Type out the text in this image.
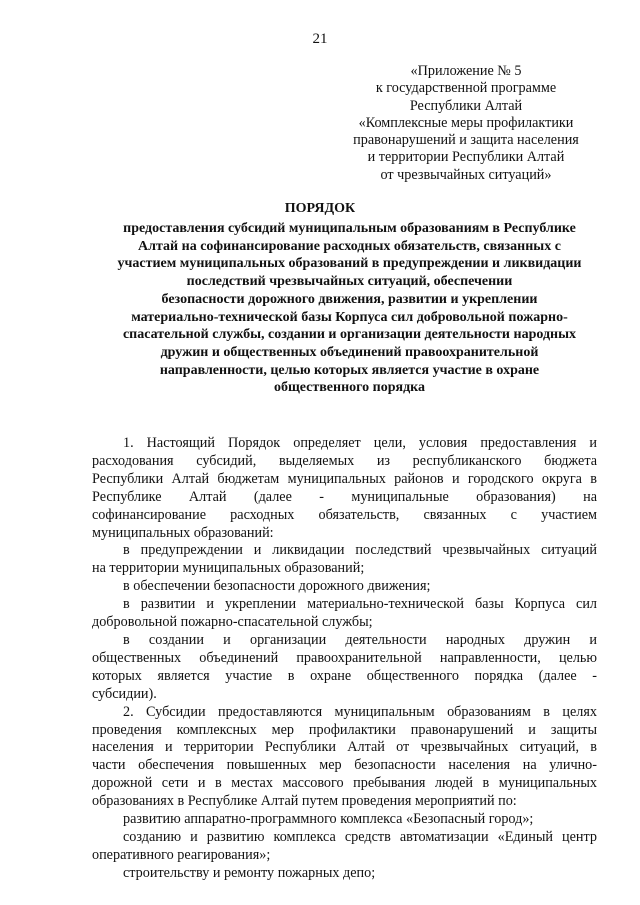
21
«Приложение № 5
к государственной программе
Республики Алтай
«Комплексные меры профилактики
правонарушений и защита населения
и территории Республики Алтай
от чрезвычайных ситуаций»
ПОРЯДОК
предоставления субсидий муниципальным образованиям в Республике
Алтай на софинансирование расходных обязательств, связанных с
участием муниципальных образований в предупреждении и ликвидации
последствий чрезвычайных ситуаций, обеспечении
безопасности дорожного движения, развитии и укреплении
материально-технической базы Корпуса сил добровольной пожарно-
спасательной службы, создании и организации деятельности народных
дружин и общественных объединений правоохранительной
направленности, целью которых является участие в охране
общественного порядка
1. Настоящий Порядок определяет цели, условия предоставления и
расходования субсидий, выделяемых из республиканского бюджета
Республики Алтай бюджетам муниципальных районов и городского округа в
Республике Алтай (далее - муниципальные образования) на
софинансирование расходных обязательств, связанных с участием
муниципальных образований:
в предупреждении и ликвидации последствий чрезвычайных ситуаций
на территории муниципальных образований;
в обеспечении безопасности дорожного движения;
в развитии и укреплении материально-технической базы Корпуса сил
добровольной пожарно-спасательной службы;
в создании и организации деятельности народных дружин и
общественных объединений правоохранительной направленности, целью
которых является участие в охране общественного порядка (далее -
субсидии).
2. Субсидии предоставляются муниципальным образованиям в целях
проведения комплексных мер профилактики правонарушений и защиты
населения и территории Республики Алтай от чрезвычайных ситуаций, в
части обеспечения повышенных мер безопасности населения на улично-
дорожной сети и в местах массового пребывания людей в муниципальных
образованиях в Республике Алтай путем проведения мероприятий по:
развитию аппаратно-программного комплекса «Безопасный город»;
созданию и развитию комплекса средств автоматизации «Единый центр
оперативного реагирования»;
строительству и ремонту пожарных депо;
